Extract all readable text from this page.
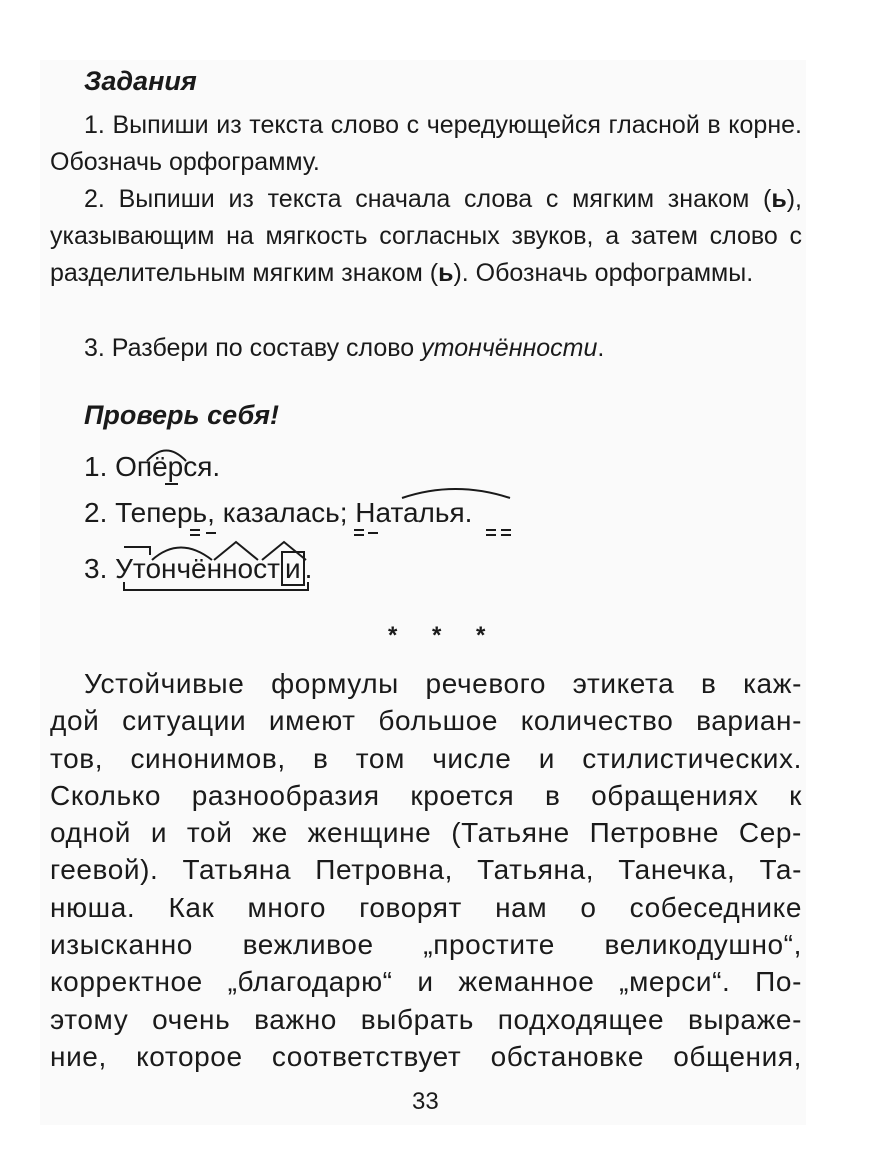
Задания
1. Выпиши из текста слово с чередующейся гласной в корне. Обозначь орфограмму.
2. Выпиши из текста сначала слова с мягким знаком (ь), указывающим на мягкость согласных звуков, а затем слово с разделительным мягким знаком (ь). Обозначь орфограммы.
3. Разбери по составу слово утончённости.
Проверь себя!
1. Опёрся.
2. Теперь, казалась; Наталья.
3. Утончённост и .
* * *
Устойчивые формулы речевого этикета в каж-
дой ситуации имеют большое количество вариан-
тов, синонимов, в том числе и стилистических.
Сколько разнообразия кроется в обращениях к
одной и той же женщине (Татьяне Петровне Сер-
геевой). Татьяна Петровна, Татьяна, Танечка, Та-
нюша. Как много говорят нам о собеседнике
изысканно вежливое „простите великодушно“,
корректное „благодарю“ и жеманное „мерси“. По-
этому очень важно выбрать подходящее выраже-
ние, которое соответствует обстановке общения,
33
